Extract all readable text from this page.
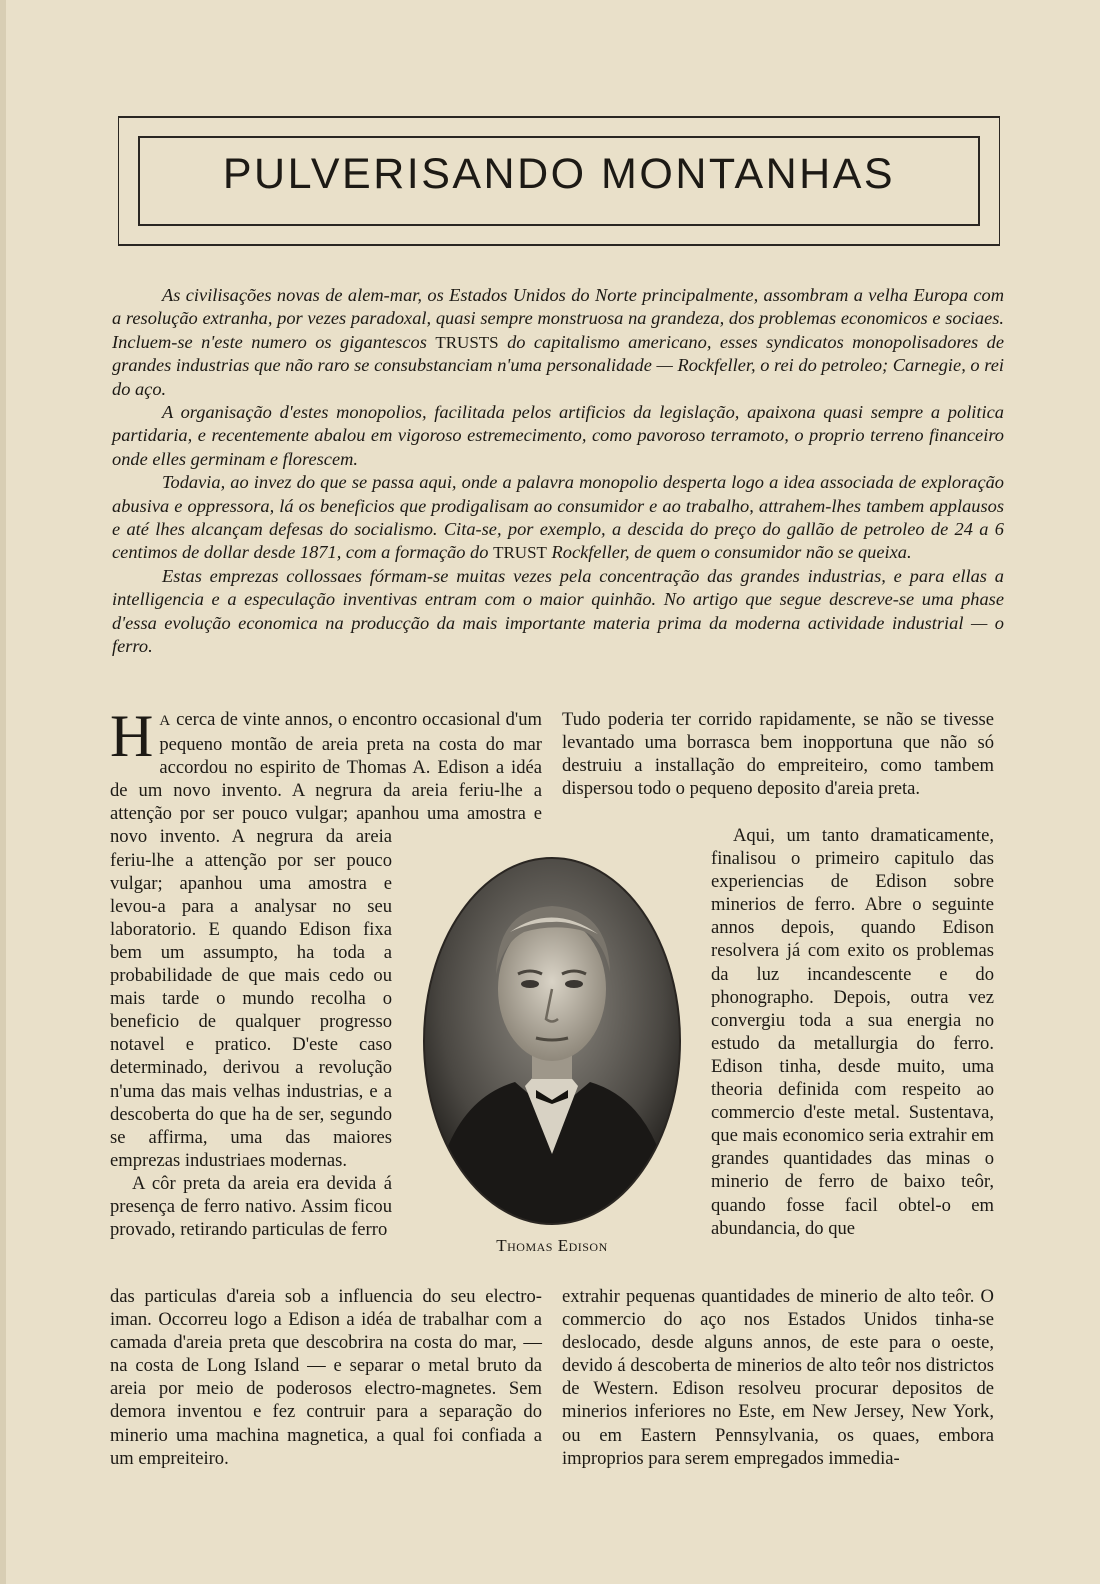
PULVERISANDO MONTANHAS

As civilisações novas de alem-mar, os Estados Unidos do Norte principalmente, assombram a velha Europa com a resolução extranha, por vezes paradoxal, quasi sempre monstruosa na grandeza, dos problemas economicos e sociaes. Incluem-se n'este numero os gigantescos TRUSTS do capitalismo americano, esses syndicatos monopolisadores de grandes industrias que não raro se consubstanciam n'uma personalidade — Rockfeller, o rei do petroleo; Carnegie, o rei do aço.

A organisação d'estes monopolios, facilitada pelos artificios da legislação, apaixona quasi sempre a politica partidaria, e recentemente abalou em vigoroso estremecimento, como pavoroso terramoto, o proprio terreno financeiro onde elles germinam e florescem.

Todavia, ao invez do que se passa aqui, onde a palavra monopolio desperta logo a idea associada de exploração abusiva e oppressora, lá os beneficios que prodigalisam ao consumidor e ao trabalho, attrahem-lhes tambem applausos e até lhes alcançam defesas do socialismo. Cita-se, por exemplo, a descida do preço do gallão de petroleo de 24 a 6 centimos de dollar desde 1871, com a formação do TRUST Rockfeller, de quem o consumidor não se queixa.

Estas emprezas collossaes fórmam-se muitas vezes pela concentração das grandes industrias, e para ellas a intelligencia e a especulação inventivas entram com o maior quinhão. No artigo que segue descreve-se uma phase d'essa evolução economica na producção da mais importante materia prima da moderna actividade industrial — o ferro.

H A cerca de vinte annos, o encontro occasional d'um pequeno montão de areia preta na costa do mar accordou no espirito de Thomas A. Edison a idéa de um novo invento. A negrura da areia feriu-lhe a attenção por ser pouco vulgar; apanhou uma amostra e

novo invento. A negrura da areia feriu-lhe a attenção por ser pouco vulgar; apanhou uma amostra e levou-a para a analysar no seu laboratorio. E quando Edison fixa bem um assumpto, ha toda a probabilidade de que mais cedo ou mais tarde o mundo recolha o beneficio de qualquer progresso notavel e pratico. D'este caso determinado, derivou a revolução n'uma das mais velhas industrias, e a descoberta do que ha de ser, segundo se affirma, uma das maiores emprezas industriaes modernas.

A côr preta da areia era devida á presença de ferro nativo. Assim ficou provado, retirando particulas de ferro

das particulas d'areia sob a influencia do seu electro-iman. Occorreu logo a Edison a idéa de trabalhar com a camada d'areia preta que descobrira na costa do mar, — na costa de Long Island — e separar o metal bruto da areia por meio de poderosos electro-magnetes. Sem demora inventou e fez contruir para a separação do minerio uma machina magnetica, a qual foi confiada a um empreiteiro.

Tudo poderia ter corrido rapidamente, se não se tivesse levantado uma borrasca bem inopportuna que não só destruiu a installação do empreiteiro, como tambem dispersou todo o pequeno deposito d'areia preta.

Aqui, um tanto dramaticamente, finalisou o primeiro capitulo das experiencias de Edison sobre minerios de ferro. Abre o seguinte annos depois, quando Edison resolvera já com exito os problemas da luz incandescente e do phonographo. Depois, outra vez convergiu toda a sua energia no estudo da metallurgia do ferro. Edison tinha, desde muito, uma theoria definida com respeito ao commercio d'este metal. Sustentava, que mais economico seria extrahir em grandes quantidades das minas o minerio de ferro de baixo teôr, quando fosse facil obtel-o em abundancia, do que

extrahir pequenas quantidades de minerio de alto teôr. O commercio do aço nos Estados Unidos tinha-se deslocado, desde alguns annos, de este para o oeste, devido á descoberta de minerios de alto teôr nos districtos de Western. Edison resolveu procurar depositos de minerios inferiores no Este, em New Jersey, New York, ou em Eastern Pennsylvania, os quaes, embora improprios para serem empregados immedia-

Thomas Edison
